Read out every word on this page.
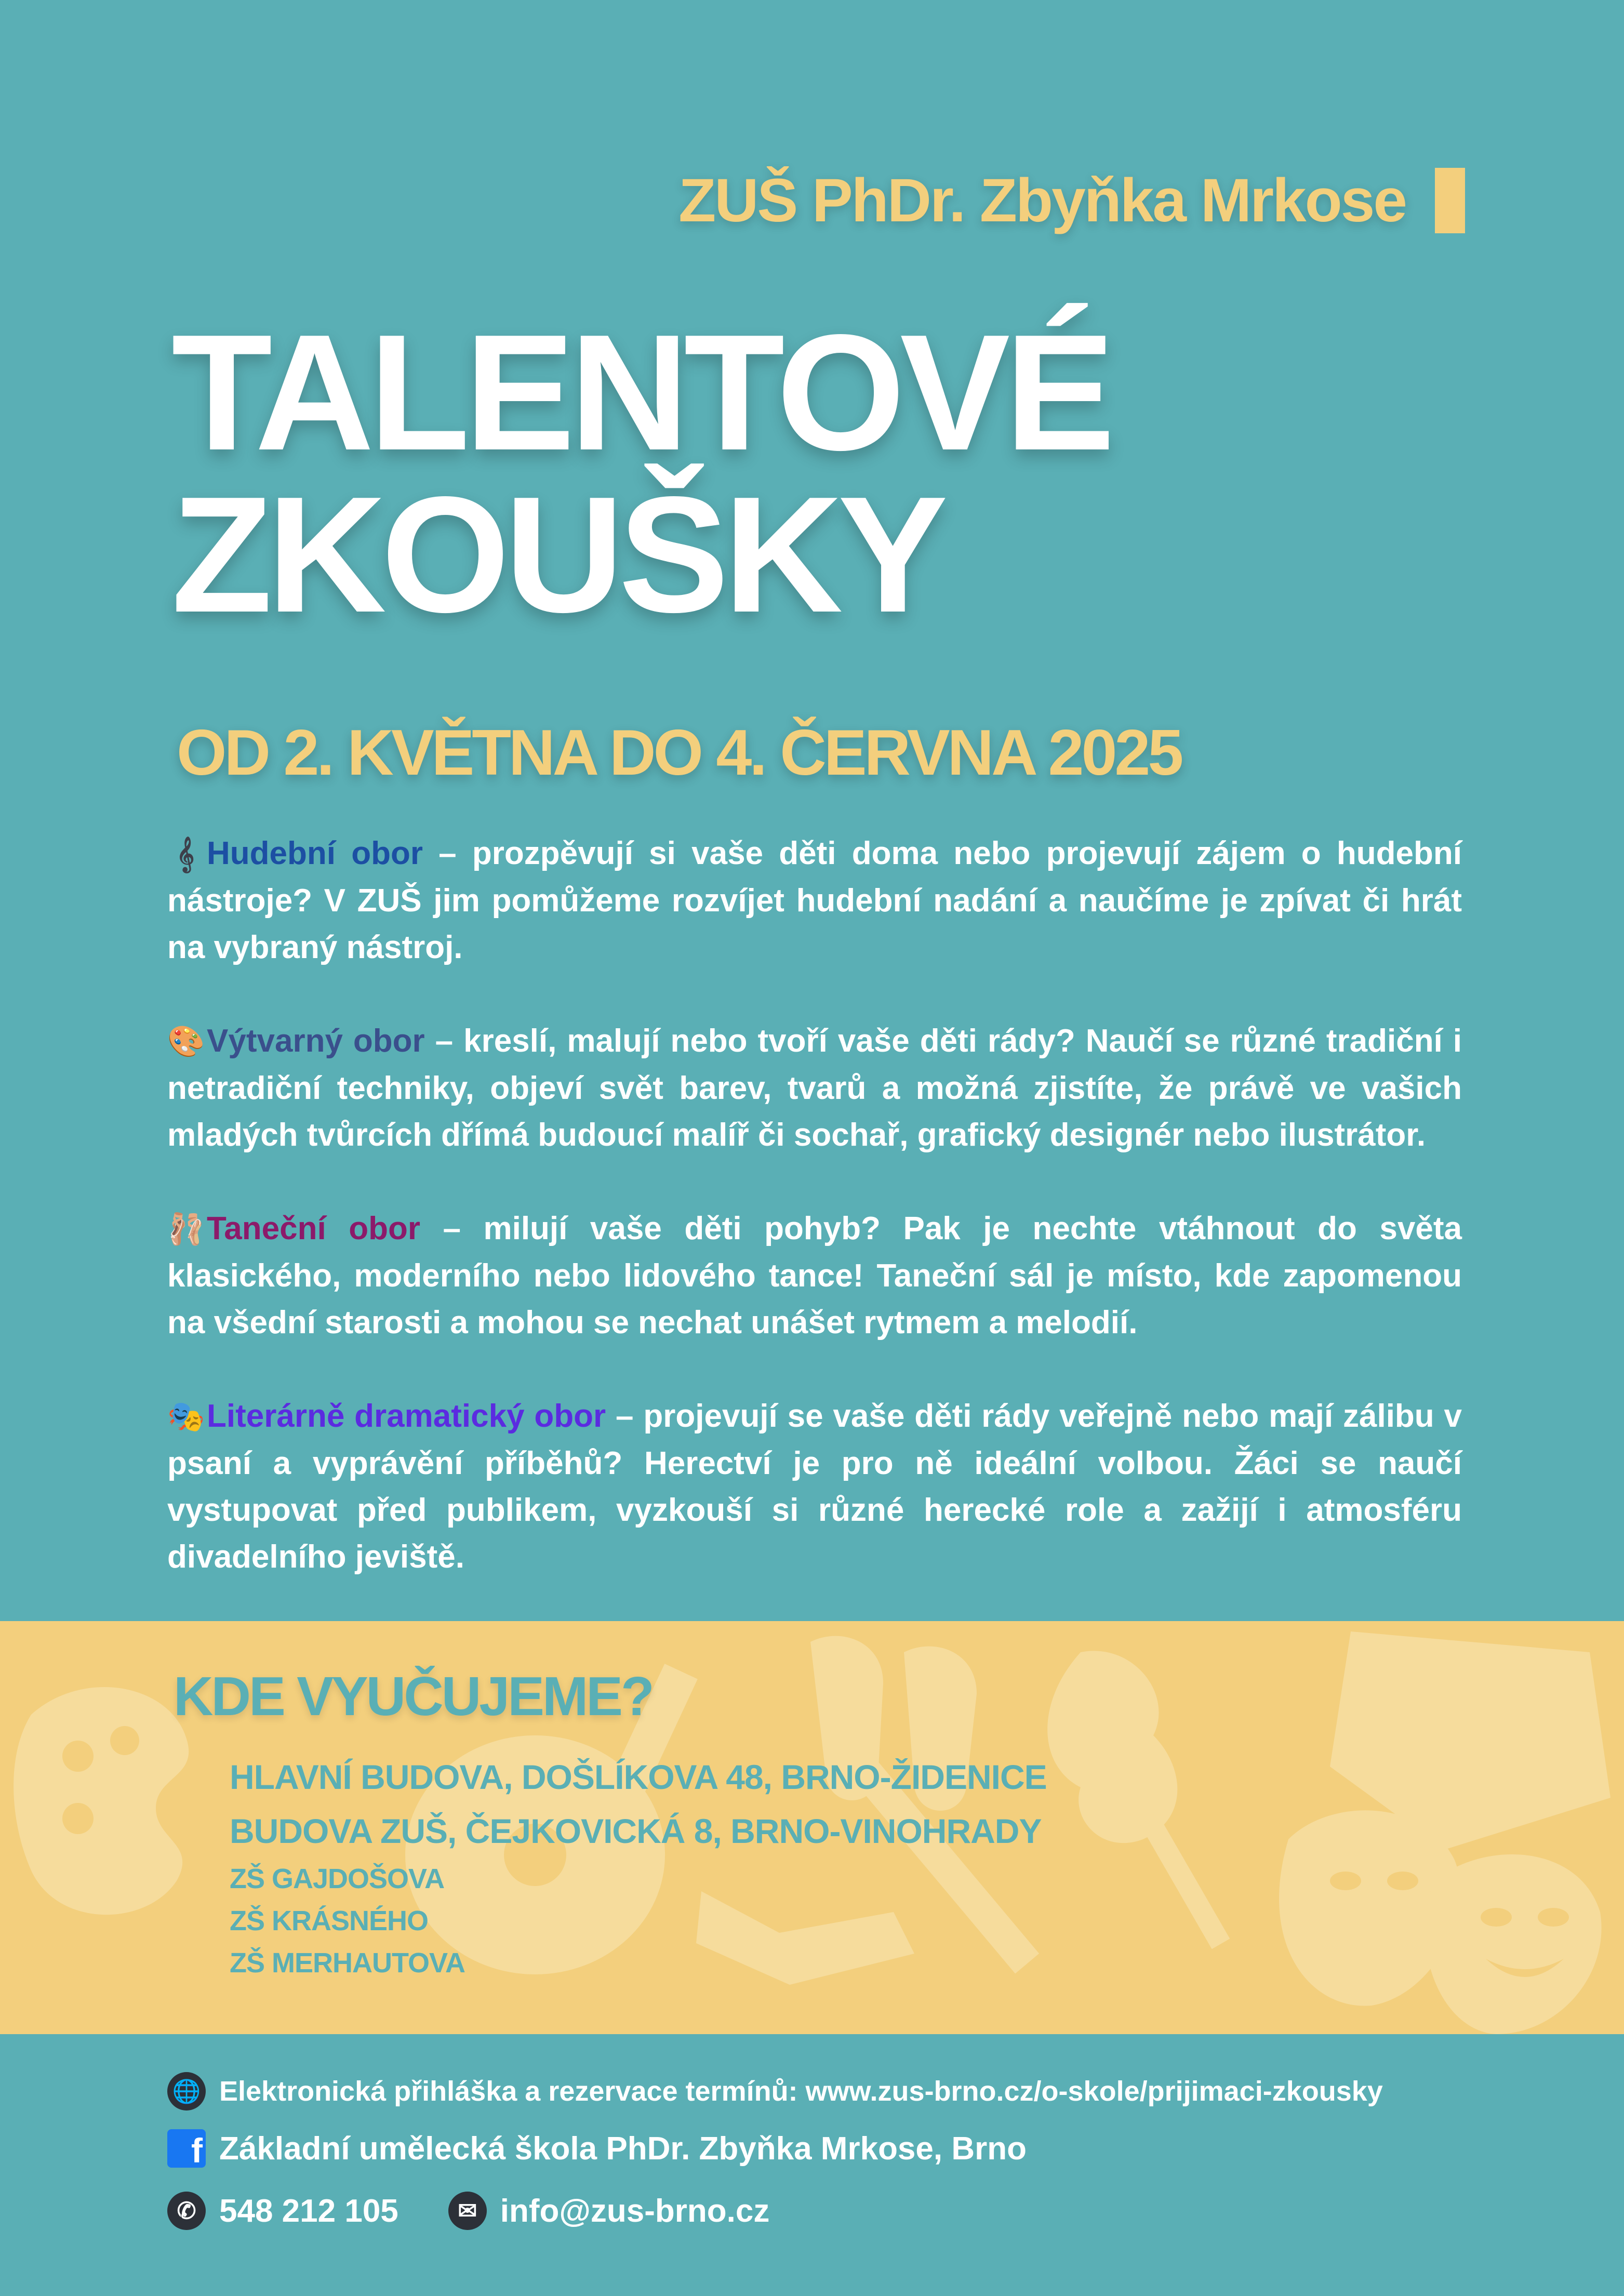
ZUŠ PhDr. Zbyňka Mrkose
TALENTOVÉ
ZKOUŠKY
OD 2. KVĚTNA DO 4. ČERVNA 2025

𝄞 Hudební obor – prozpěvují si vaše děti doma nebo projevují zájem o hudební nástroje? V ZUŠ jim pomůžeme rozvíjet hudební nadání a naučíme je zpívat či hrát na vybraný nástroj.

🎨Výtvarný obor – kreslí, malují nebo tvoří vaše děti rády? Naučí se různé tradiční i netradiční techniky, objeví svět barev, tvarů a možná zjistíte, že právě ve vašich mladých tvůrcích dřímá budoucí malíř či sochař, grafický designér nebo ilustrátor.

🩰Taneční obor – milují vaše děti pohyb? Pak je nechte vtáhnout do světa klasického, moderního nebo lidového tance! Taneční sál je místo, kde zapomenou na všední starosti a mohou se nechat unášet rytmem a melodií.

🎭Literárně dramatický obor – projevují se vaše děti rády veřejně nebo mají zálibu v psaní a vyprávění příběhů? Herectví je pro ně ideální volbou. Žáci se naučí vystupovat před publikem, vyzkouší si různé herecké role a zažijí i atmosféru divadelního jeviště.

KDE VYUČUJEME?
HLAVNÍ BUDOVA, DOŠLÍKOVA 48, BRNO-ŽIDENICE
BUDOVA ZUŠ, ČEJKOVICKÁ 8, BRNO-VINOHRADY
ZŠ GAJDOŠOVA
ZŠ KRÁSNÉHO
ZŠ MERHAUTOVA
🌐 Elektronická přihláška a rezervace termínů: www.zus-brno.cz/o-skole/prijimaci-zkousky
f Základní umělecká škola PhDr. Zbyňka Mrkose, Brno
✆ 548 212 105	✉ info@zus-brno.cz
